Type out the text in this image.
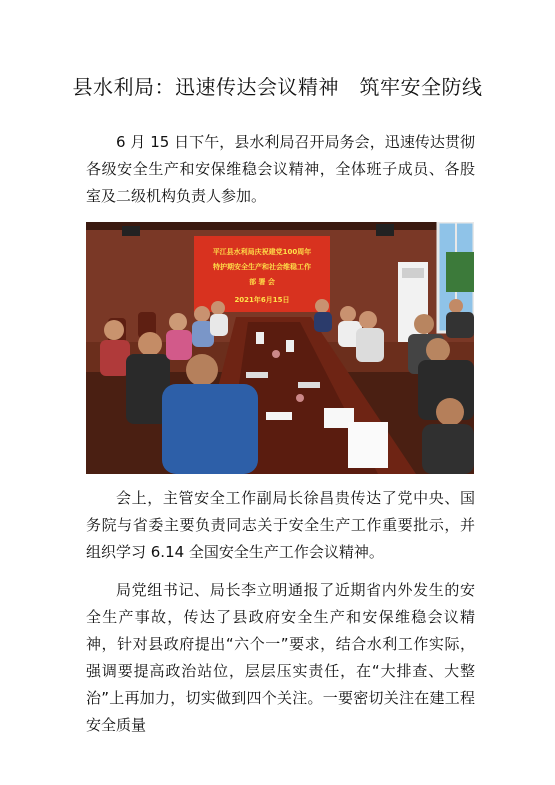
县水利局：迅速传达会议精神　筑牢安全防线
6 月 15 日下午，县水利局召开局务会，迅速传达贯彻各级安全生产和安保维稳会议精神，全体班子成员、各股室及二级机构负责人参加。
平江县水利局庆祝建党100周年
特护期安全生产和社会维稳工作
部 署 会
2021年6月15日
会上，主管安全工作副局长徐昌贵传达了党中央、国务院与省委主要负责同志关于安全生产工作重要批示，并组织学习 6.14 全国安全生产工作会议精神。
局党组书记、局长李立明通报了近期省内外发生的安全生产事故，传达了县政府安全生产和安保维稳会议精神，针对县政府提出“六个一”要求，结合水利工作实际，强调要提高政治站位，层层压实责任，在“大排查、大整治”上再加力，切实做到四个关注。一要密切关注在建工程安全质量
